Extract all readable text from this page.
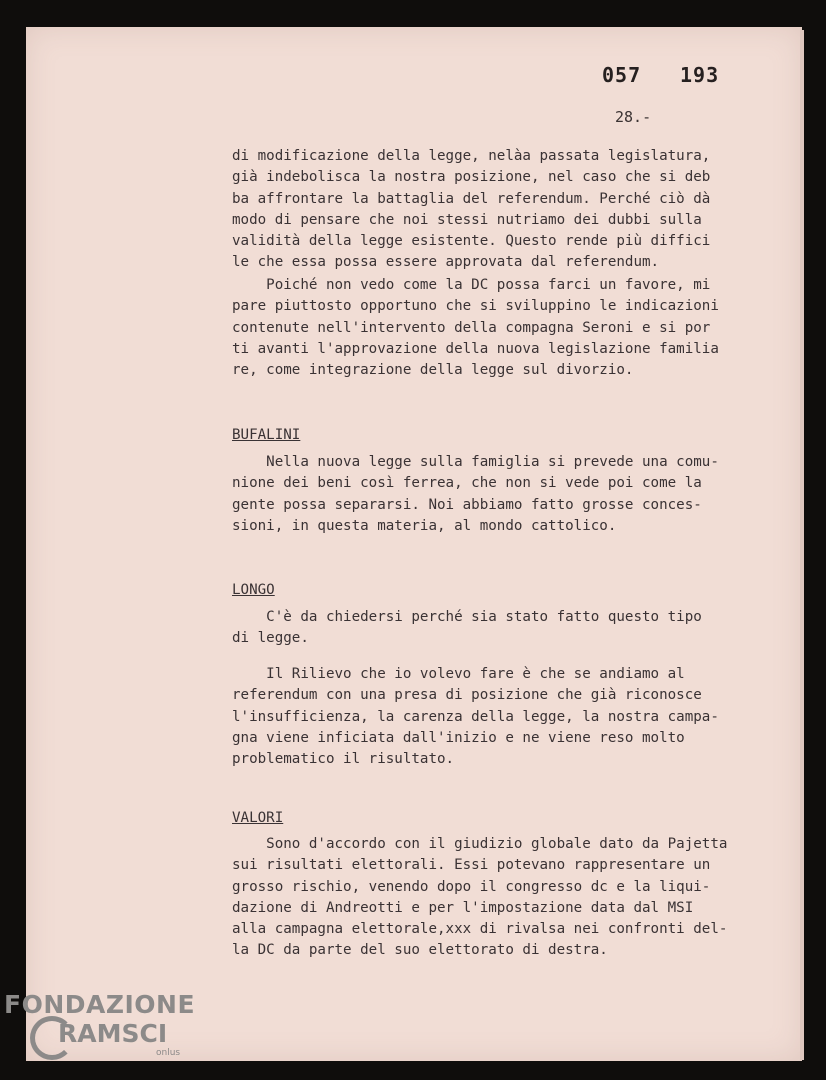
057 193
28.-
di modificazione della legge, nelàa passata legislatura,
già indebolisca la nostra posizione, nel caso che si deb
ba affrontare la battaglia del referendum. Perché ciò dà
modo di pensare che noi stessi nutriamo dei dubbi sulla
validità della legge esistente. Questo rende più diffici
le che essa possa essere approvata dal referendum.
Poiché non vedo come la DC possa farci un favore, mi
pare piuttosto opportuno che si sviluppino le indicazioni
contenute nell'intervento della compagna Seroni e si por
ti avanti l'approvazione della nuova legislazione familia
re, come integrazione della legge sul divorzio.
BUFALINI
Nella nuova legge sulla famiglia si prevede una comu-
nione dei beni così ferrea, che non si vede poi come la
gente possa separarsi. Noi abbiamo fatto grosse conces-
sioni, in questa materia, al mondo cattolico.
LONGO
C'è da chiedersi perché sia stato fatto questo tipo
di legge.
Il Rilievo che io volevo fare è che se andiamo al
referendum con una presa di posizione che già riconosce
l'insufficienza, la carenza della legge, la nostra campa-
gna viene inficiata dall'inizio e ne viene reso molto
problematico il risultato.
VALORI
Sono d'accordo con il giudizio globale dato da Pajetta
sui risultati elettorali. Essi potevano rappresentare un
grosso rischio, venendo dopo il congresso dc e la liqui-
dazione di Andreotti e per l'impostazione data dal MSI
alla campagna elettorale,xxx di rivalsa nei confronti del-
la DC da parte del suo elettorato di destra.
FONDAZIONE
RAMSCI
onlus
